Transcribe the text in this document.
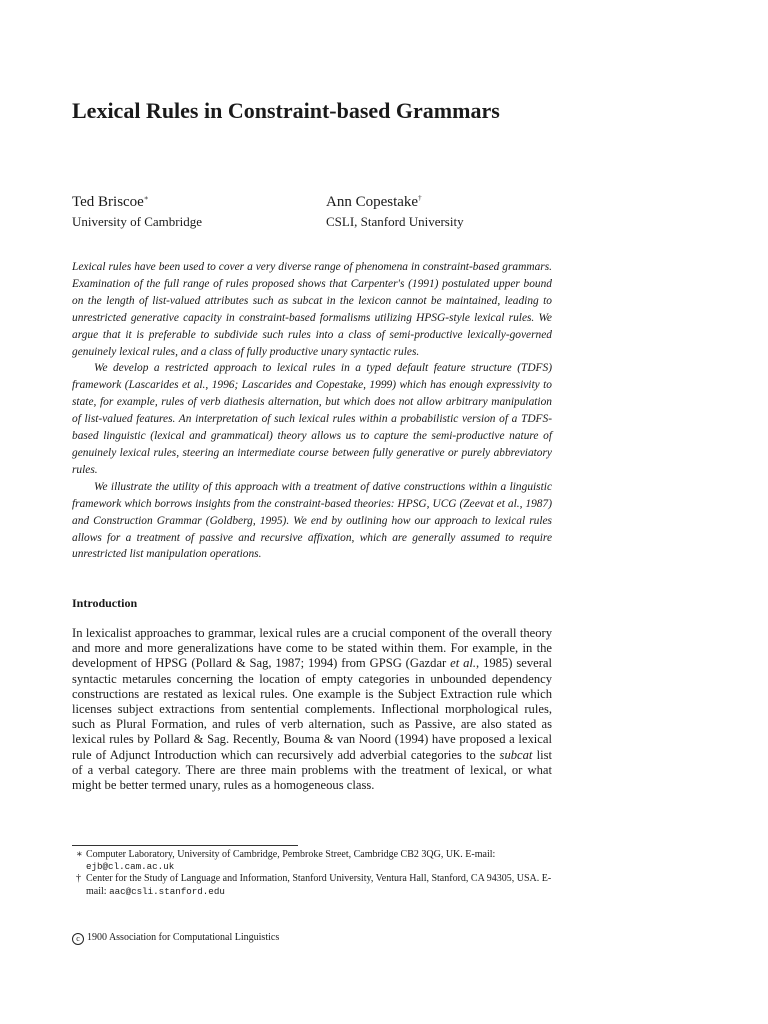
Lexical Rules in Constraint-based Grammars
Ted Briscoe∗
University of Cambridge
Ann Copestake†
CSLI, Stanford University

Lexical rules have been used to cover a very diverse range of phenomena in constraint-based grammars. Examination of the full range of rules proposed shows that Carpenter's (1991) postulated upper bound on the length of list-valued attributes such as subcat in the lexicon cannot be maintained, leading to unrestricted generative capacity in constraint-based formalisms utilizing HPSG-style lexical rules. We argue that it is preferable to subdivide such rules into a class of semi-productive lexically-governed genuinely lexical rules, and a class of fully productive unary syntactic rules.

We develop a restricted approach to lexical rules in a typed default feature structure (TDFS) framework (Lascarides et al., 1996; Lascarides and Copestake, 1999) which has enough expressivity to state, for example, rules of verb diathesis alternation, but which does not allow arbitrary manipulation of list-valued features. An interpretation of such lexical rules within a probabilistic version of a TDFS-based linguistic (lexical and grammatical) theory allows us to capture the semi-productive nature of genuinely lexical rules, steering an intermediate course between fully generative or purely abbreviatory rules.

We illustrate the utility of this approach with a treatment of dative constructions within a linguistic framework which borrows insights from the constraint-based theories: HPSG, UCG (Zeevat et al., 1987) and Construction Grammar (Goldberg, 1995). We end by outlining how our approach to lexical rules allows for a treatment of passive and recursive affixation, which are generally assumed to require unrestricted list manipulation operations.

Introduction

In lexicalist approaches to grammar, lexical rules are a crucial component of the overall theory and more and more generalizations have come to be stated within them. For example, in the development of HPSG (Pollard & Sag, 1987; 1994) from GPSG (Gazdar et al., 1985) several syntactic metarules concerning the location of empty categories in unbounded dependency constructions are restated as lexical rules. One example is the Subject Extraction rule which licenses subject extractions from sentential complements. Inflectional morphological rules, such as Plural Formation, and rules of verb alternation, such as Passive, are also stated as lexical rules by Pollard & Sag. Recently, Bouma & van Noord (1994) have proposed a lexical rule of Adjunct Introduction which can recursively add adverbial categories to the subcat list of a verbal category. There are three main problems with the treatment of lexical, or what might be better termed unary, rules as a homogeneous class.

∗ Computer Laboratory, University of Cambridge, Pembroke Street, Cambridge CB2 3QG, UK. E-mail:
ejb@cl.cam.ac.uk
† Center for the Study of Language and Information, Stanford University, Ventura Hall, Stanford, CA 94305, USA. E-mail: aac@csli.stanford.edu
c 1900 Association for Computational Linguistics
